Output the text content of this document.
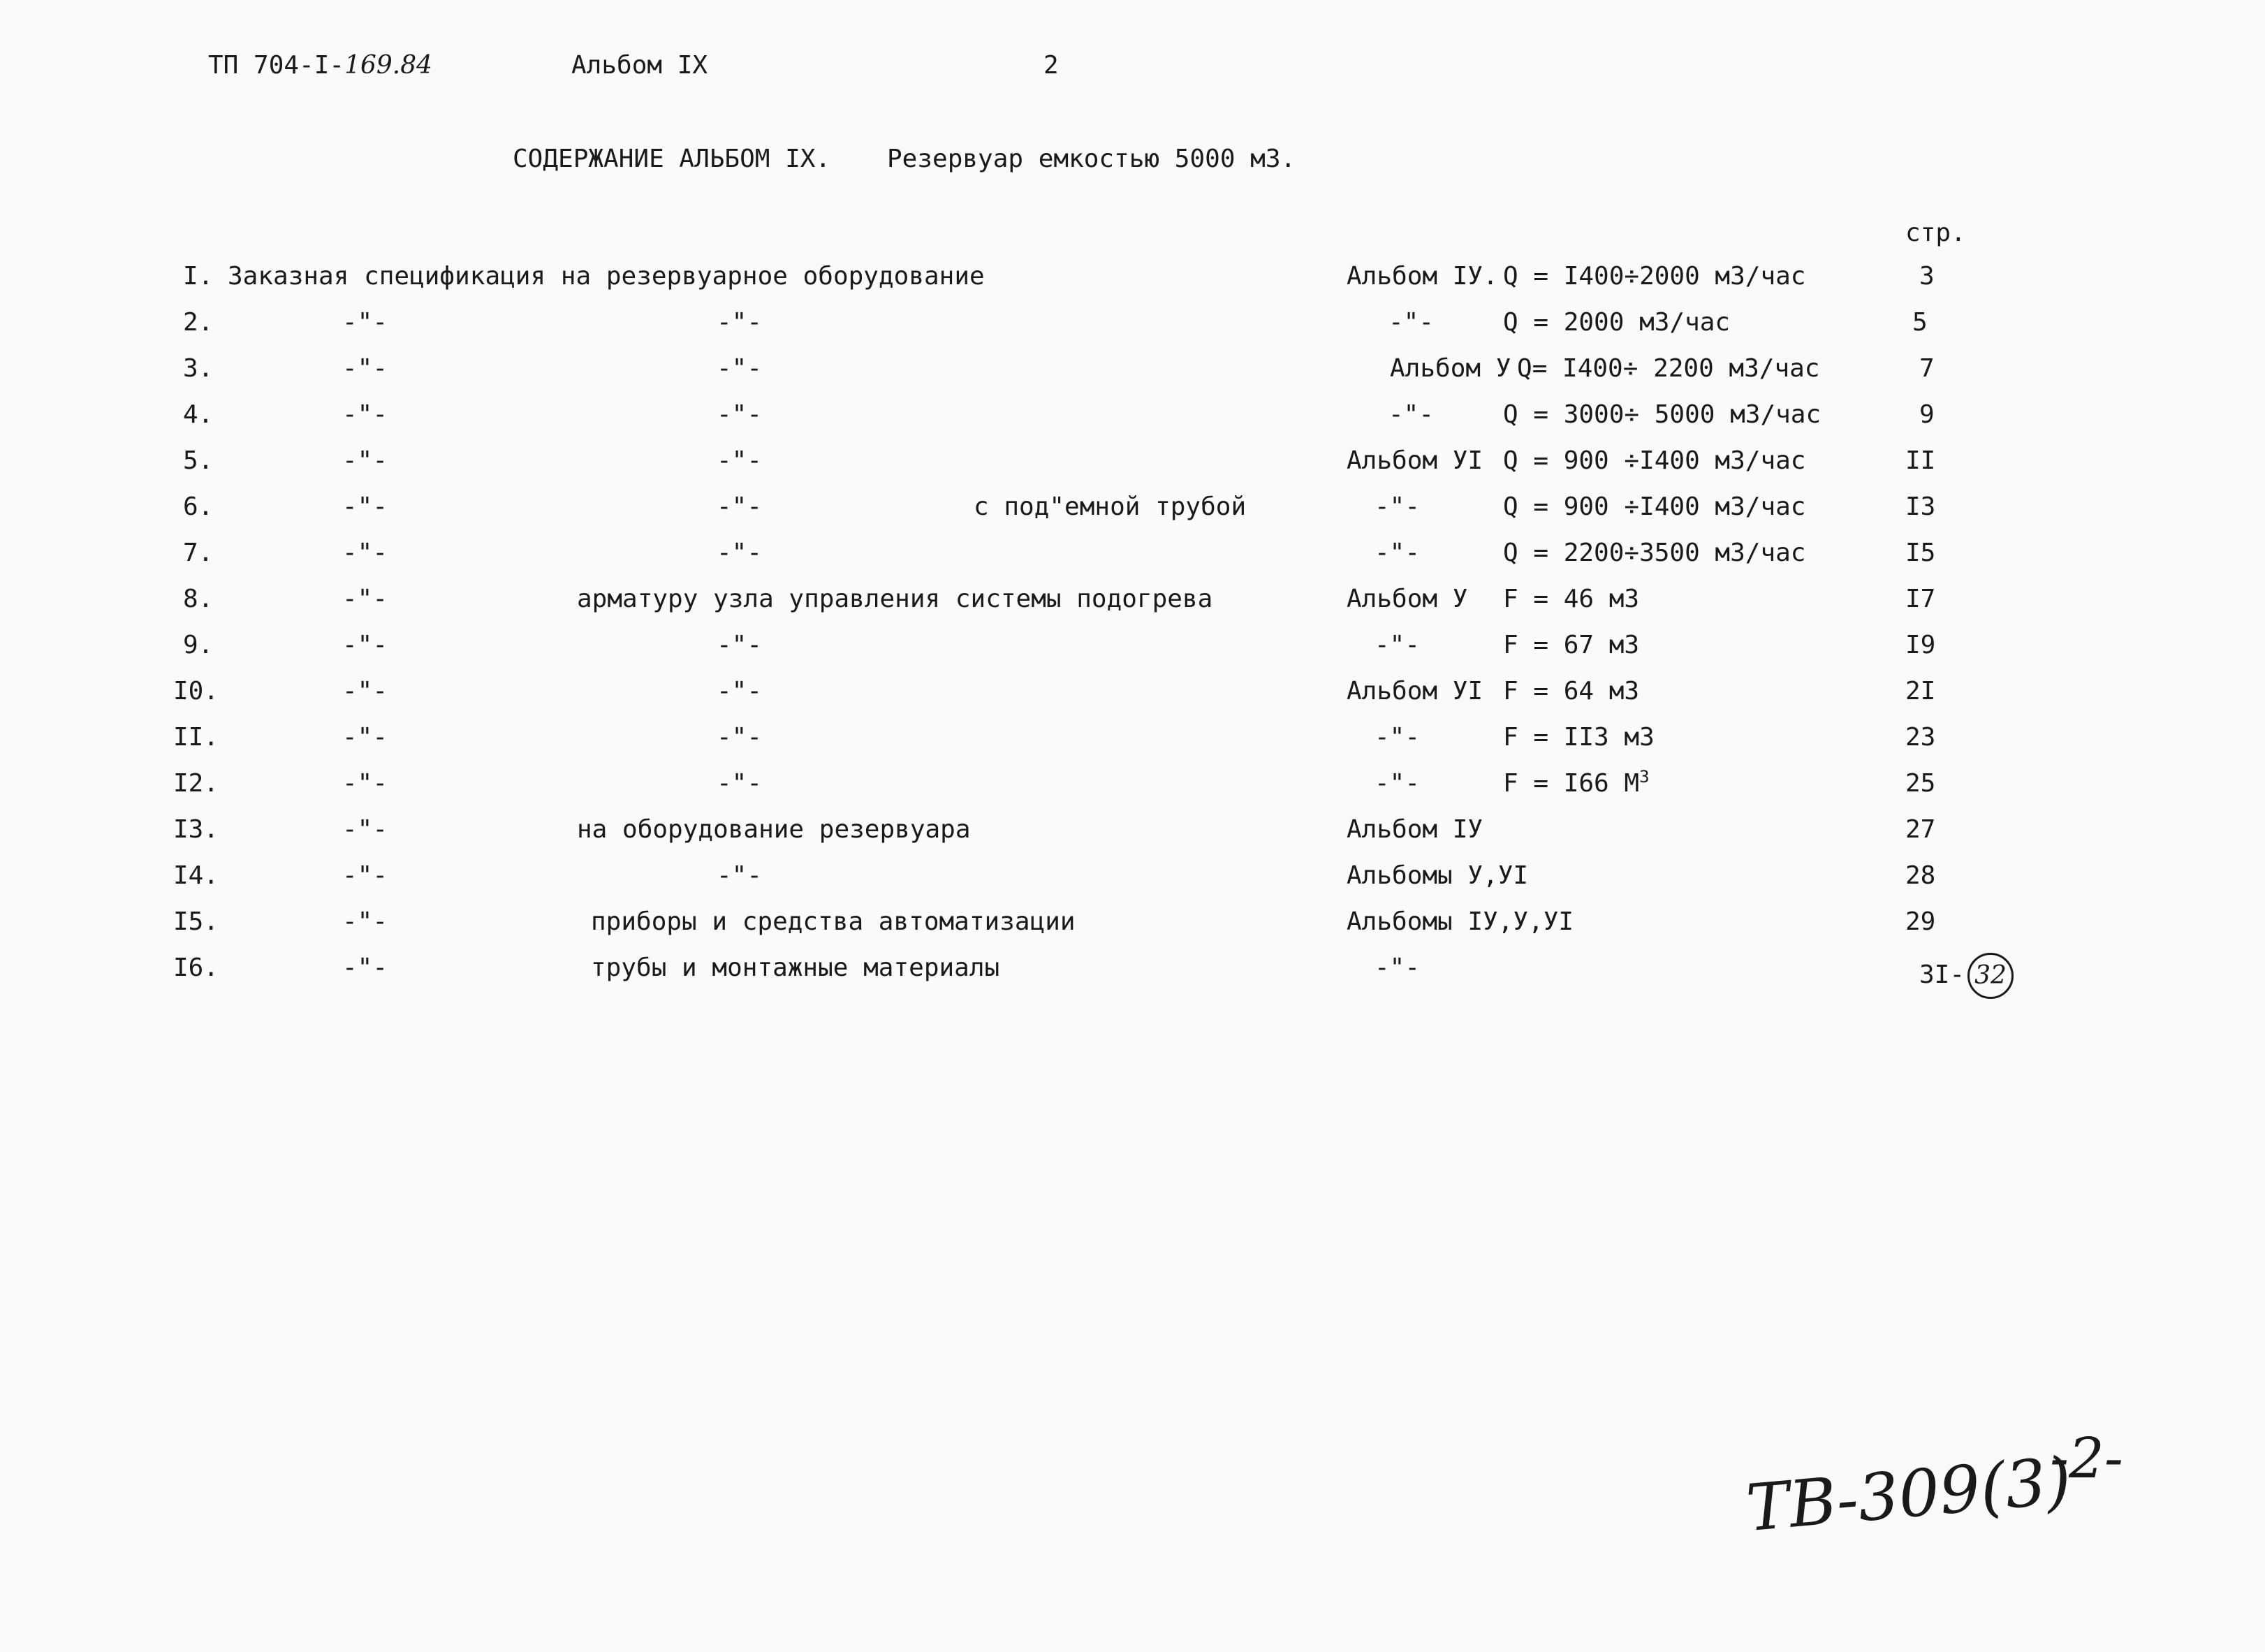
ТП 704-I-169.84	Альбом IX	2
СОДЕРЖАНИЕ АЛЬБОМ IX. Резервуар емкостью 5000 м3.
стр.
I. Заказная спецификация на резервуарное оборудование	Альбом IУ. Q = I400÷2000 м3/час	3
2.	-"-	-"-	-"-	Q = 2000 м3/час	5
3.	-"-	-"-	Альбом У Q= I400÷ 2200 м3/час	7
4.	-"-	-"-	-"-	Q = 3000÷ 5000 м3/час	9
5.	-"-	-"-	Альбом УI Q = 900 ÷I400 м3/час	II
6.	-"-	-"-	с под"емной трубой	-"-	Q = 900 ÷I400 м3/час	I3
7.	-"-	-"-	-"-	Q = 2200÷3500 м3/час	I5
8.	-"-	арматуру узла управления системы подогрева	Альбом У F = 46 м3	I7
9.	-"-	-"-	-"-	F = 67 м3	I9
I0.	-"-	-"-	Альбом УI F = 64 м3	2I
II.	-"-	-"-	-"-	F = II3 м3	23
I2.	-"-	-"-	-"-	F = I66 $М^3$	25
I3.	-"-	на оборудование резервуара	Альбом IУ	27
I4.	-"-	-"-	Альбомы У,УI	28
I5.	-"-	приборы и средства автоматизации	Альбомы IУ,У,УI	29
I6.	-"-	трубы и монтажные материалы	-"-	3I- 32
ТВ-309(3)
-2-
